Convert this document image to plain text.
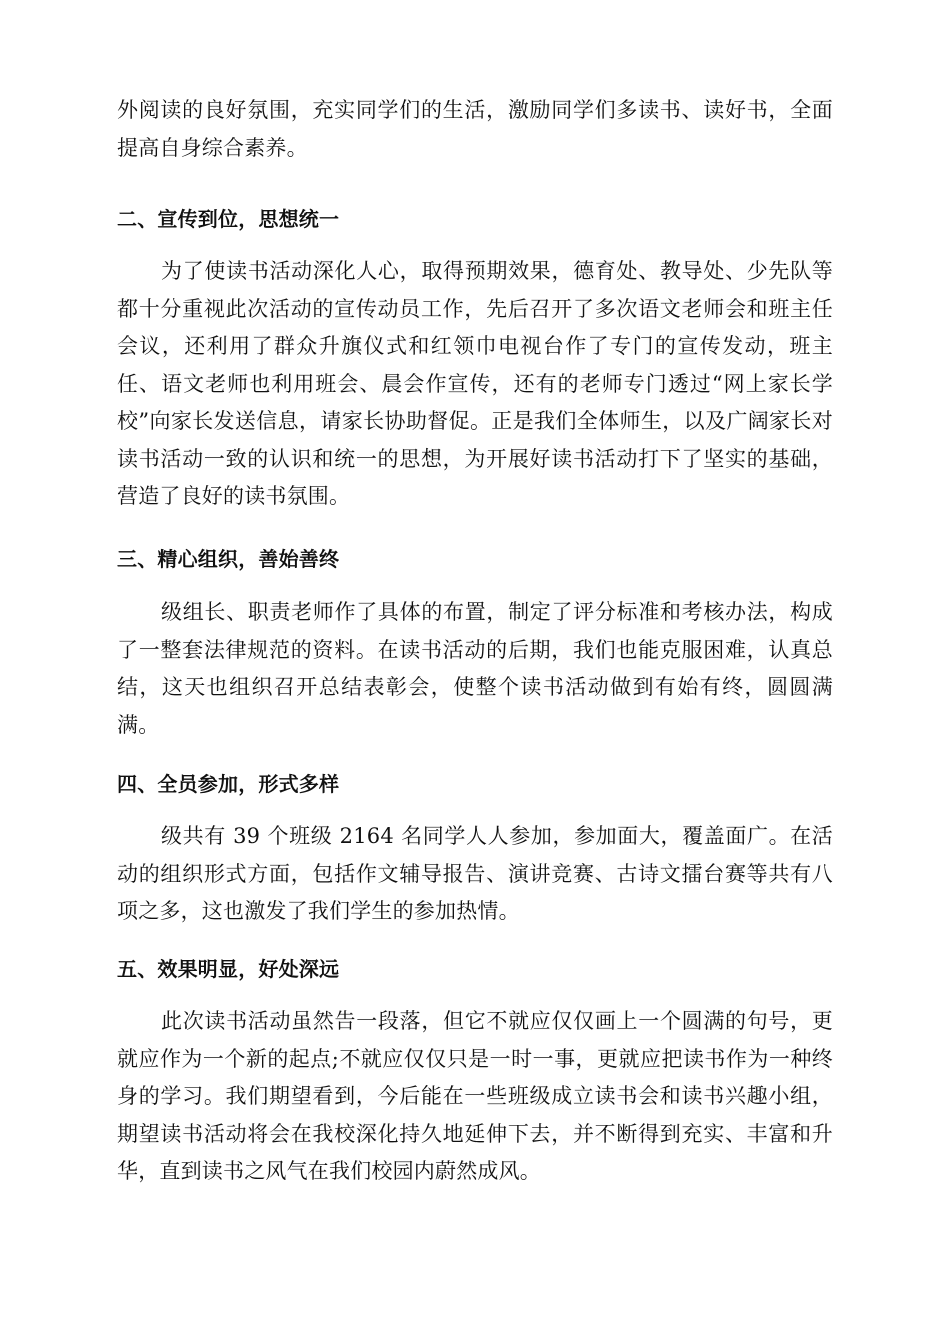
外阅读的良好氛围，充实同学们的生活，激励同学们多读书、读好书，全面提高自身综合素养。

二、宣传到位，思想统一

为了使读书活动深化人心，取得预期效果，德育处、教导处、少先队等都十分重视此次活动的宣传动员工作，先后召开了多次语文老师会和班主任会议，还利用了群众升旗仪式和红领巾电视台作了专门的宣传发动，班主任、语文老师也利用班会、晨会作宣传，还有的老师专门透过“网上家长学校”向家长发送信息，请家长协助督促。正是我们全体师生，以及广阔家长对读书活动一致的认识和统一的思想，为开展好读书活动打下了坚实的基础，营造了良好的读书氛围。

三、精心组织，善始善终

级组长、职责老师作了具体的布置，制定了评分标准和考核办法，构成了一整套法律规范的资料。在读书活动的后期，我们也能克服困难，认真总结，这天也组织召开总结表彰会，使整个读书活动做到有始有终，圆圆满满。

四、全员参加，形式多样

级共有 39 个班级 2164 名同学人人参加，参加面大，覆盖面广。在活动的组织形式方面，包括作文辅导报告、演讲竞赛、古诗文擂台赛等共有八项之多，这也激发了我们学生的参加热情。

五、效果明显，好处深远

此次读书活动虽然告一段落，但它不就应仅仅画上一个圆满的句号，更就应作为一个新的起点;不就应仅仅只是一时一事，更就应把读书作为一种终身的学习。我们期望看到，今后能在一些班级成立读书会和读书兴趣小组，期望读书活动将会在我校深化持久地延伸下去，并不断得到充实、丰富和升华，直到读书之风气在我们校园内蔚然成风。
